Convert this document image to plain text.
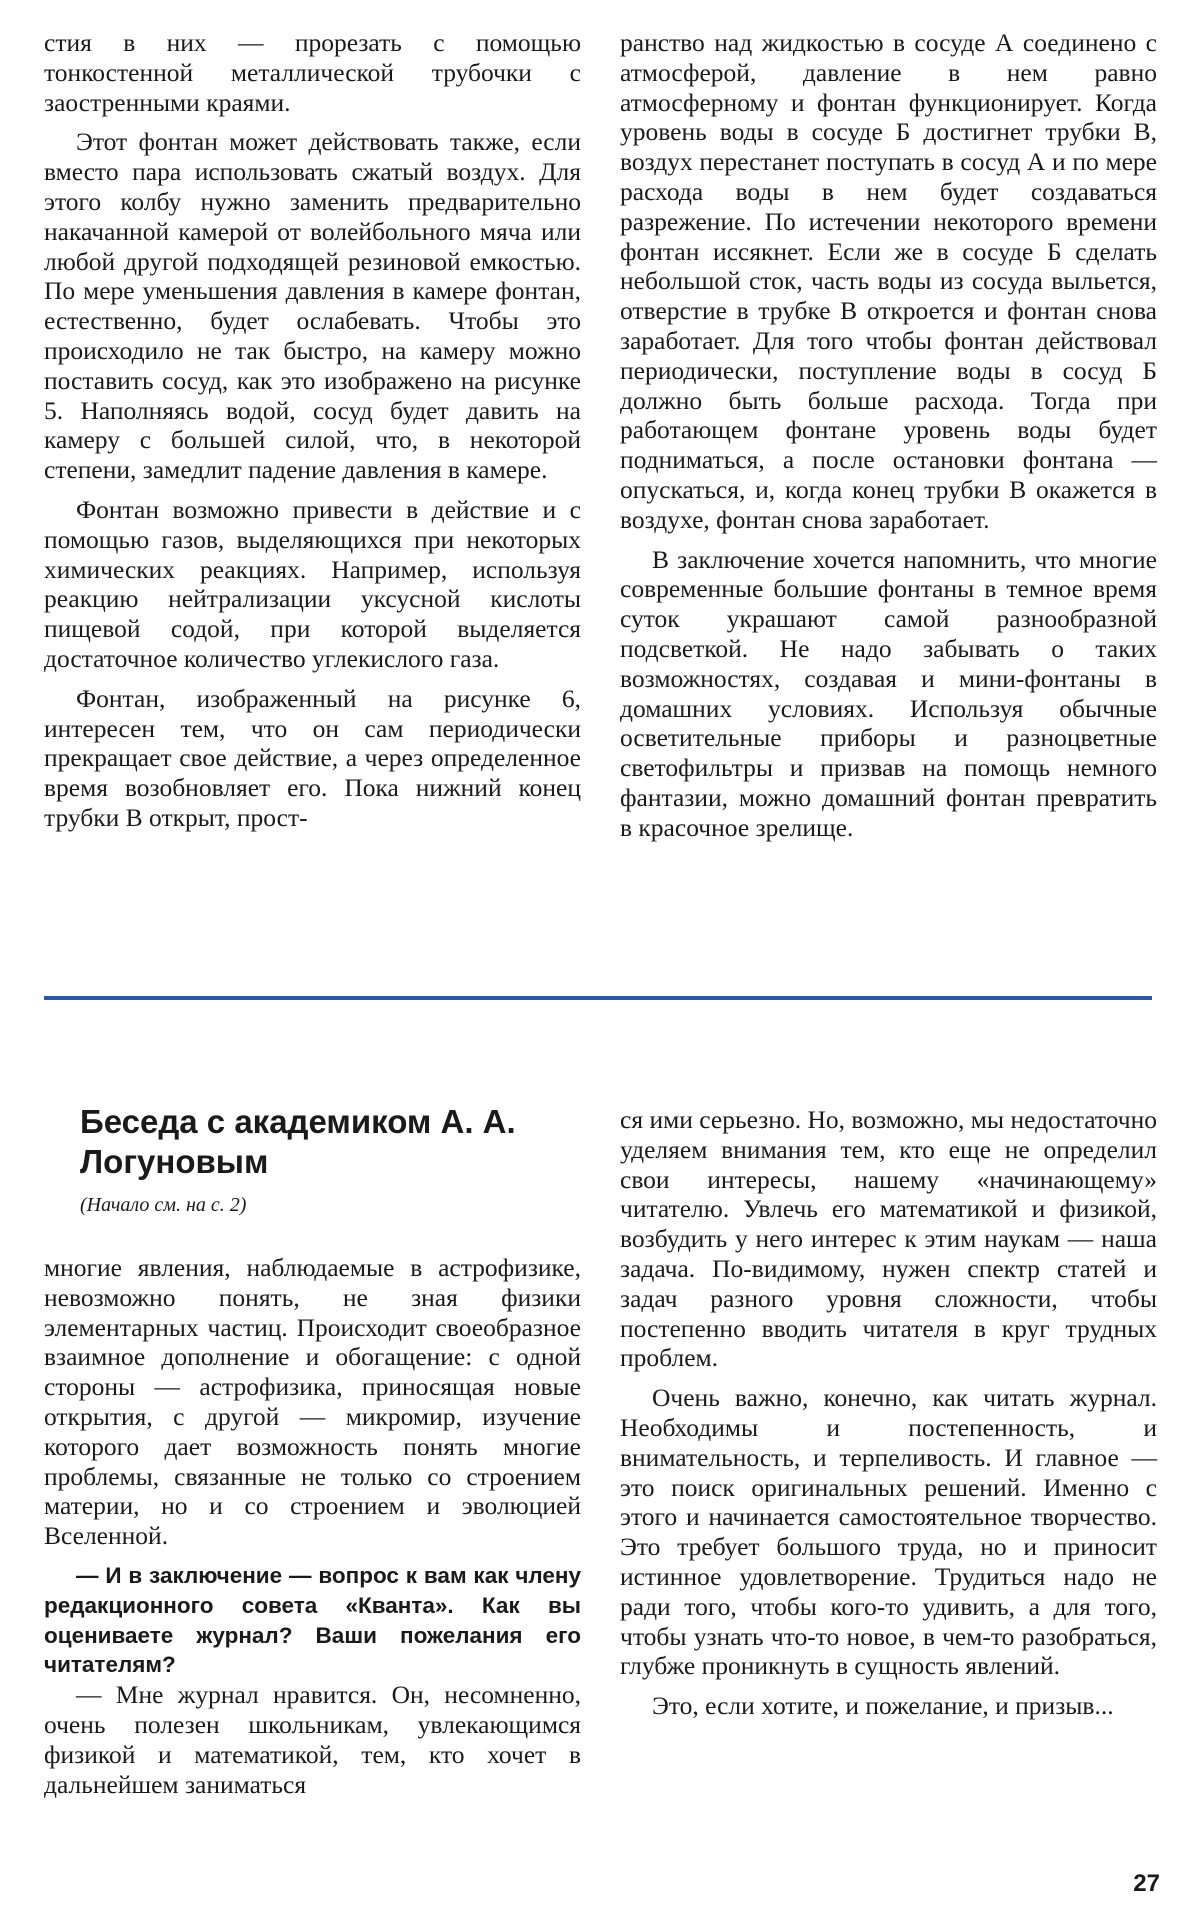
стия в них — прорезать с помощью тонкостенной металлической трубочки с заостренными краями.

Этот фонтан может действовать также, если вместо пара использовать сжатый воздух. Для этого колбу нужно заменить предварительно накачанной камерой от волейбольного мяча или любой другой подходящей резиновой емкостью. По мере уменьшения давления в камере фонтан, естественно, будет ослабевать. Чтобы это происходило не так быстро, на камеру можно поставить сосуд, как это изображено на рисунке 5. Наполняясь водой, сосуд будет давить на камеру с большей силой, что, в некоторой степени, замедлит падение давления в камере.

Фонтан возможно привести в действие и с помощью газов, выделяющихся при некоторых химических реакциях. Например, используя реакцию нейтрализации уксусной кислоты пищевой содой, при которой выделяется достаточное количество углекислого газа.

Фонтан, изображенный на рисунке 6, интересен тем, что он сам периодически прекращает свое действие, а через определенное время возобновляет его. Пока нижний конец трубки В открыт, прост-

ранство над жидкостью в сосуде А соединено с атмосферой, давление в нем равно атмосферному и фонтан функционирует. Когда уровень воды в сосуде Б достигнет трубки В, воздух перестанет поступать в сосуд А и по мере расхода воды в нем будет создаваться разрежение. По истечении некоторого времени фонтан иссякнет. Если же в сосуде Б сделать небольшой сток, часть воды из сосуда выльется, отверстие в трубке В откроется и фонтан снова заработает. Для того чтобы фонтан действовал периодически, поступление воды в сосуд Б должно быть больше расхода. Тогда при работающем фонтане уровень воды будет подниматься, а после остановки фонтана — опускаться, и, когда конец трубки В окажется в воздухе, фонтан снова заработает.

В заключение хочется напомнить, что многие современные большие фонтаны в темное время суток украшают самой разнообразной подсветкой. Не надо забывать о таких возможностях, создавая и мини-фонтаны в домашних условиях. Используя обычные осветительные приборы и разноцветные светофильтры и призвав на помощь немного фантазии, можно домашний фонтан превратить в красочное зрелище.

Беседа с академиком А. А. Логуновым
(Начало см. на с. 2)

многие явления, наблюдаемые в астрофизике, невозможно понять, не зная физики элементарных частиц. Происходит своеобразное взаимное дополнение и обогащение: с одной стороны — астрофизика, приносящая новые открытия, с другой — микромир, изучение которого дает возможность понять многие проблемы, связанные не только со строением материи, но и со строением и эволюцией Вселенной.

— И в заключение — вопрос к вам как члену редакционного совета «Кванта». Как вы оцениваете журнал? Ваши пожелания его читателям?

— Мне журнал нравится. Он, несомненно, очень полезен школьникам, увлекающимся физикой и математикой, тем, кто хочет в дальнейшем заниматься

ся ими серьезно. Но, возможно, мы недостаточно уделяем внимания тем, кто еще не определил свои интересы, нашему «начинающему» читателю. Увлечь его математикой и физикой, возбудить у него интерес к этим наукам — наша задача. По-видимому, нужен спектр статей и задач разного уровня сложности, чтобы постепенно вводить читателя в круг трудных проблем.

Очень важно, конечно, как читать журнал. Необходимы и постепенность, и внимательность, и терпеливость. И главное — это поиск оригинальных решений. Именно с этого и начинается самостоятельное творчество. Это требует большого труда, но и приносит истинное удовлетворение. Трудиться надо не ради того, чтобы кого-то удивить, а для того, чтобы узнать что-то новое, в чем-то разобраться, глубже проникнуть в сущность явлений.

Это, если хотите, и пожелание, и призыв...

27
